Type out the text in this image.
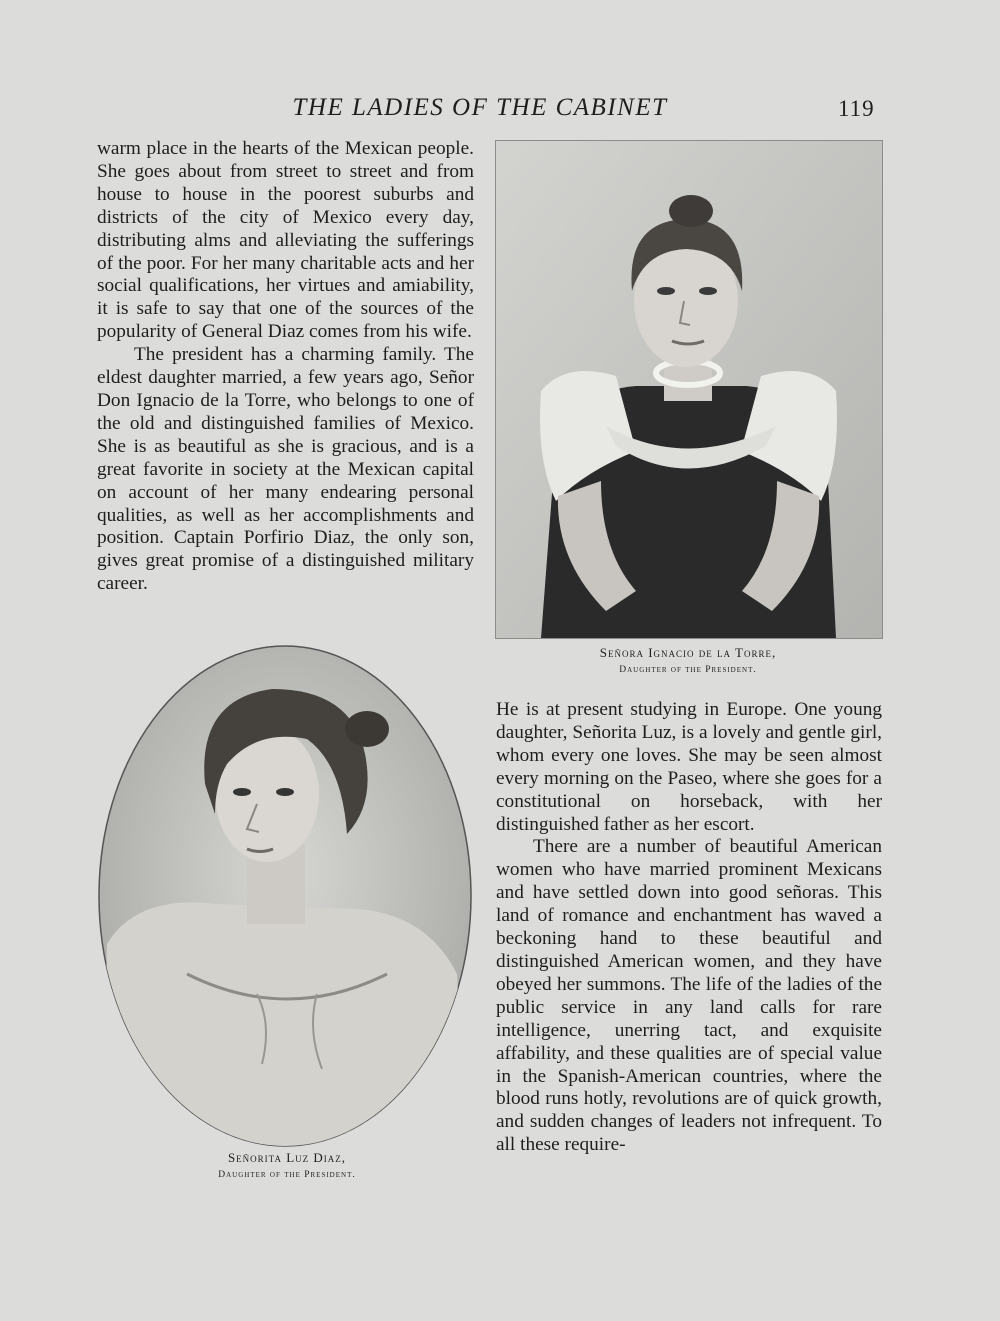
THE LADIES OF THE CABINET	119

warm place in the hearts of the Mexican people. She goes about from street to street and from house to house in the poorest suburbs and districts of the city of Mexico every day, distributing alms and alleviating the sufferings of the poor. For her many charitable acts and her social qualifications, her virtues and amiability, it is safe to say that one of the sources of the popularity of General Diaz comes from his wife.

The president has a charming family. The eldest daughter married, a few years ago, Señor Don Ignacio de la Torre, who belongs to one of the old and distinguished families of Mexico. She is as beautiful as she is gracious, and is a great favorite in society at the Mexican capital on account of her many endearing personal qualities, as well as her accomplishments and position. Captain Porfirio Diaz, the only son, gives great promise of a distinguished military career.

Señora Ignacio de la Torre,
Daughter of the President.
Señorita Luz Diaz,
Daughter of the President.

He is at present studying in Europe. One young daughter, Señorita Luz, is a lovely and gentle girl, whom every one loves. She may be seen almost every morning on the Paseo, where she goes for a constitutional on horseback, with her distinguished father as her escort.

There are a number of beautiful American women who have married prominent Mexicans and have settled down into good señoras. This land of romance and enchantment has waved a beckoning hand to these beautiful and distinguished American women, and they have obeyed her summons. The life of the ladies of the public service in any land calls for rare intelligence, unerring tact, and exquisite affability, and these qualities are of special value in the Spanish-American countries, where the blood runs hotly, revolutions are of quick growth, and sudden changes of leaders not infrequent. To all these require-
